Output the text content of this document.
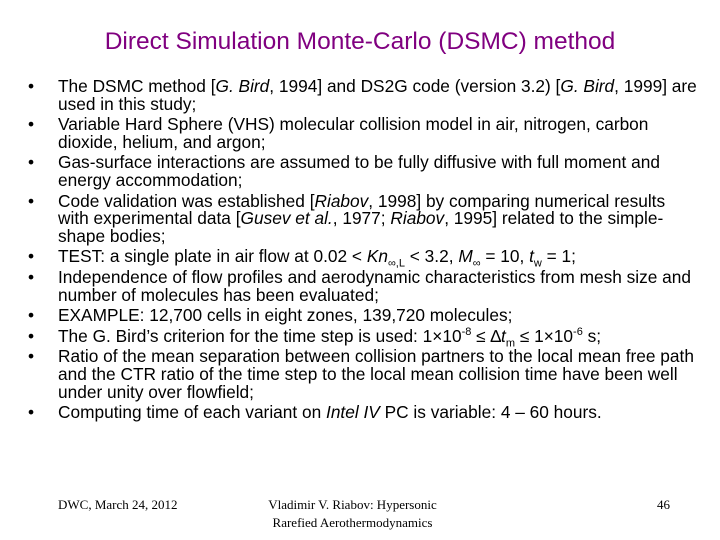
Direct Simulation Monte-Carlo (DSMC) method
• The DSMC method [G. Bird, 1994] and DS2G code (version 3.2) [G. Bird, 1999] are used in this study;
• Variable Hard Sphere (VHS) molecular collision model in air, nitrogen, carbon dioxide, helium, and argon;
• Gas-surface interactions are assumed to be fully diffusive with full moment and energy accommodation;
• Code validation was established [Riabov, 1998] by comparing numerical results with experimental data [Gusev et al., 1977; Riabov, 1995] related to the simple-shape bodies;
• TEST: a single plate in air flow at $0.02 < Kn_{\infty,L} < 3.2$, $M_\infty = 10$, $t_w = 1$;
• Independence of flow profiles and aerodynamic characteristics from mesh size and number of molecules has been evaluated;
• EXAMPLE: 12,700 cells in eight zones, 139,720 molecules;
• The G. Bird’s criterion for the time step is used: $1\times 10^{-8} \le \Delta t_m \le 1\times 10^{-6}$ s;
• Ratio of the mean separation between collision partners to the local mean free path and the CTR ratio of the time step to the local mean collision time have been well under unity over flowfield;
• Computing time of each variant on Intel IV PC is variable: 4 – 60 hours.
DWC, March 24, 2012	Vladimir V. Riabov: Hypersonic
Rarefied Aerothermodynamics
46
